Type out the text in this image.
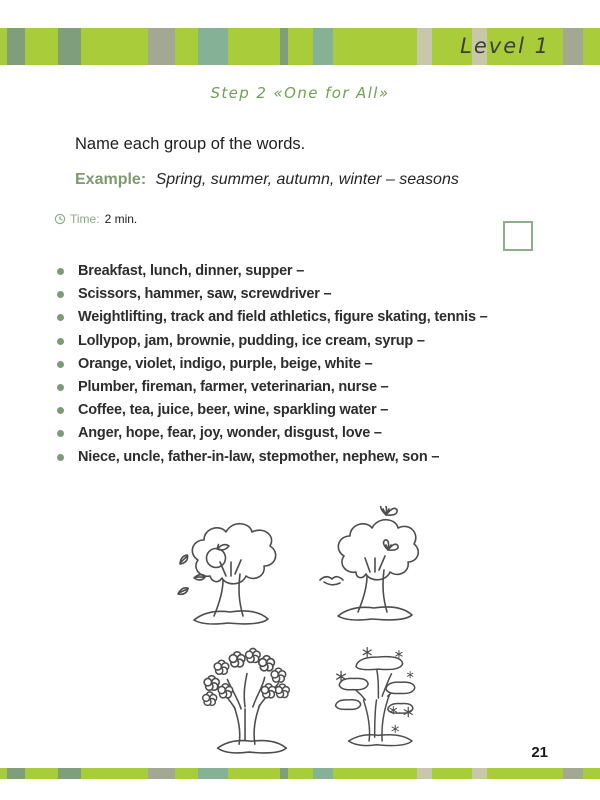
Level 1
Step 2 «One for All»
Name each group of the words.
Example: Spring, summer, autumn, winter – seasons
Time: 2 min.
Breakfast, lunch, dinner, supper –
Scissors, hammer, saw, screwdriver –
Weightlifting, track and field athletics, figure skating, tennis –
Lollypop, jam, brownie, pudding, ice cream, syrup –
Orange, violet, indigo, purple, beige, white –
Plumber, fireman, farmer, veterinarian, nurse –
Coffee, tea, juice, beer, wine, sparkling water –
Anger, hope, fear, joy, wonder, disgust, love –
Niece, uncle, father-in-law, stepmother, nephew, son –
21
